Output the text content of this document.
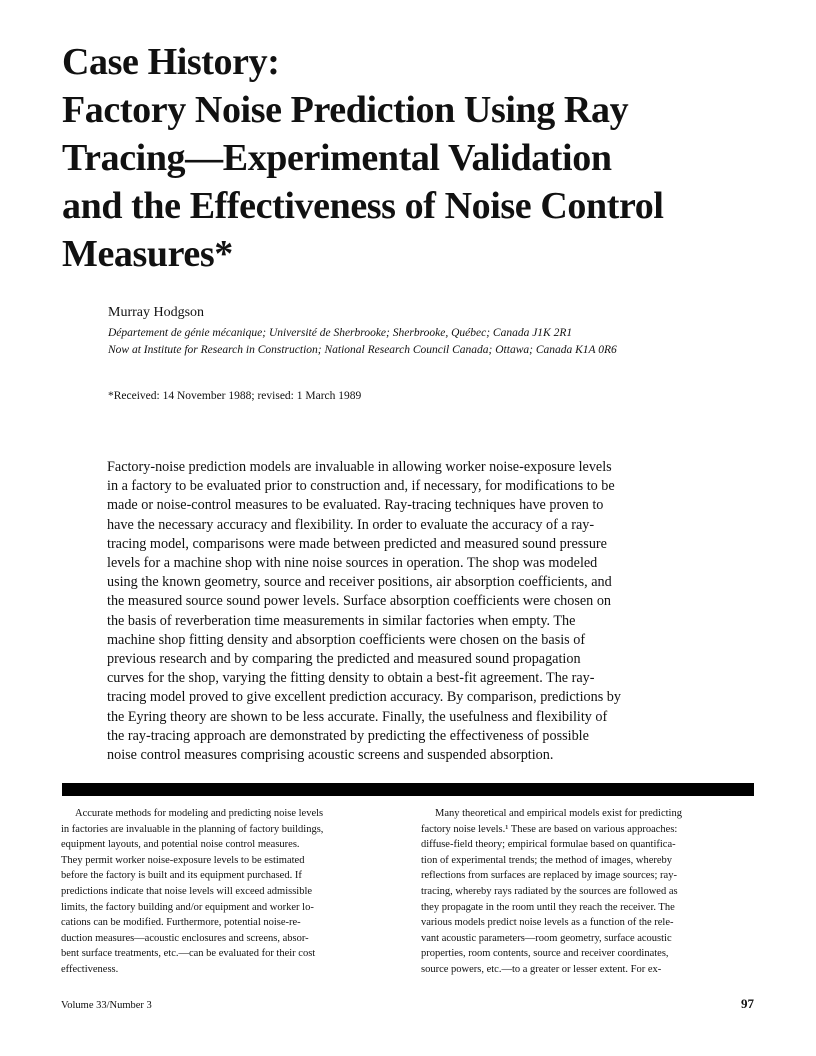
Case History:
Factory Noise Prediction Using Ray
Tracing—Experimental Validation
and the Effectiveness of Noise Control
Measures*

Murray Hodgson

Département de génie mécanique; Université de Sherbrooke; Sherbrooke, Québec; Canada J1K 2R1

Now at Institute for Research in Construction; National Research Council Canada; Ottawa; Canada K1A 0R6

*Received: 14 November 1988; revised: 1 March 1989

Factory-noise prediction models are invaluable in allowing worker noise-exposure levels
in a factory to be evaluated prior to construction and, if necessary, for modifications to be
made or noise-control measures to be evaluated. Ray-tracing techniques have proven to
have the necessary accuracy and flexibility. In order to evaluate the accuracy of a ray-
tracing model, comparisons were made between predicted and measured sound pressure
levels for a machine shop with nine noise sources in operation. The shop was modeled
using the known geometry, source and receiver positions, air absorption coefficients, and
the measured source sound power levels. Surface absorption coefficients were chosen on
the basis of reverberation time measurements in similar factories when empty. The
machine shop fitting density and absorption coefficients were chosen on the basis of
previous research and by comparing the predicted and measured sound propagation
curves for the shop, varying the fitting density to obtain a best-fit agreement. The ray-
tracing model proved to give excellent prediction accuracy. By comparison, predictions by
the Eyring theory are shown to be less accurate. Finally, the usefulness and flexibility of
the ray-tracing approach are demonstrated by predicting the effectiveness of possible
noise control measures comprising acoustic screens and suspended absorption.
Accurate methods for modeling and predicting noise levels
in factories are invaluable in the planning of factory buildings,
equipment layouts, and potential noise control measures.
They permit worker noise-exposure levels to be estimated
before the factory is built and its equipment purchased. If
predictions indicate that noise levels will exceed admissible
limits, the factory building and/or equipment and worker lo-
cations can be modified. Furthermore, potential noise-re-
duction measures—acoustic enclosures and screens, absor-
bent surface treatments, etc.—can be evaluated for their cost
effectiveness.
Many theoretical and empirical models exist for predicting
factory noise levels.¹ These are based on various approaches:
diffuse-field theory; empirical formulae based on quantifica-
tion of experimental trends; the method of images, whereby
reflections from surfaces are replaced by image sources; ray-
tracing, whereby rays radiated by the sources are followed as
they propagate in the room until they reach the receiver. The
various models predict noise levels as a function of the rele-
vant acoustic parameters—room geometry, surface acoustic
properties, room contents, source and receiver coordinates,
source powers, etc.—to a greater or lesser extent. For ex-

Volume 33/Number 3	97
